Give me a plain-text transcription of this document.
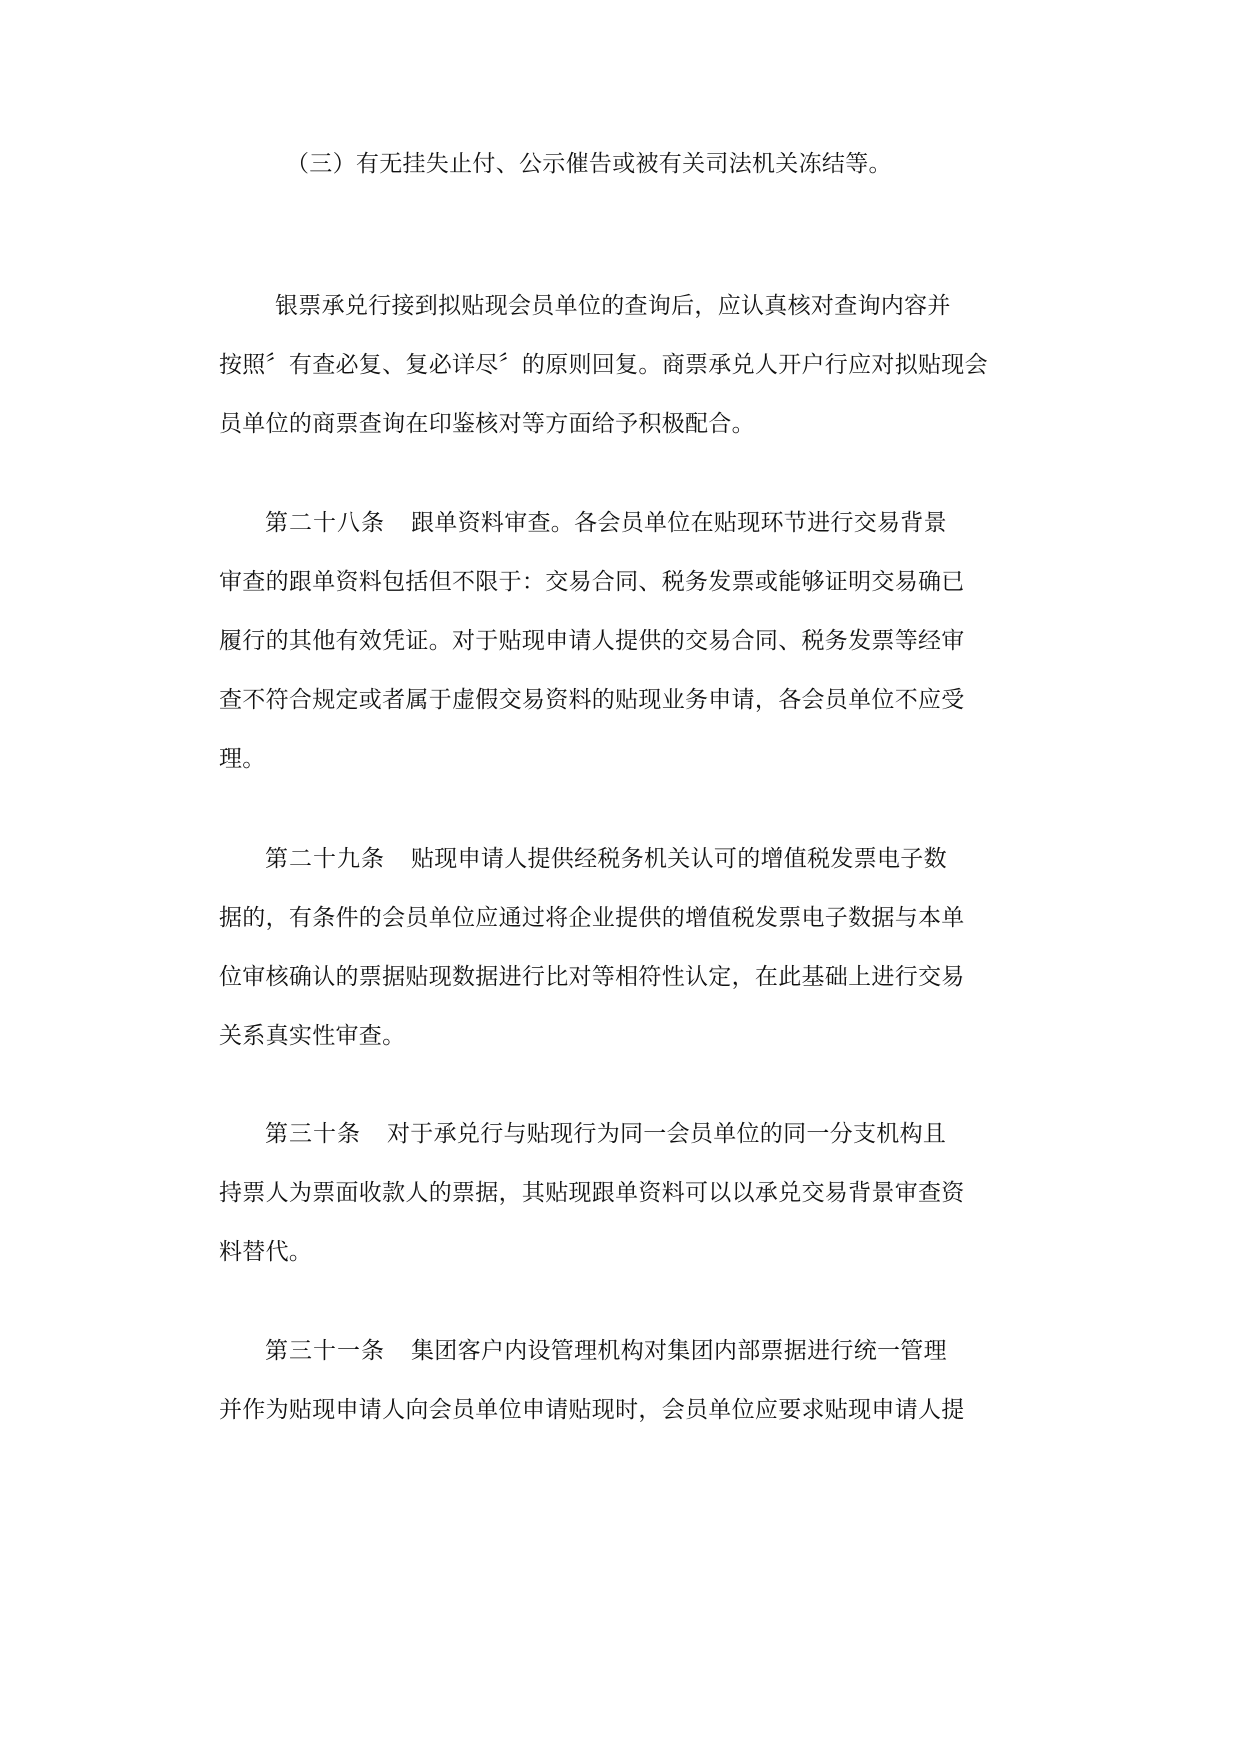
（三）有无挂失止付、公示催告或被有关司法机关冻结等。
银票承兑行接到拟贴现会员单位的查询后，应认真核对查询内容并
按照〞有查必复、复必详尽〞的原则回复。商票承兑人开户行应对拟贴现会
员单位的商票查询在印鉴核对等方面给予积极配合。
第二十八条 跟单资料审查。各会员单位在贴现环节进行交易背景
审查的跟单资料包括但不限于：交易合同、税务发票或能够证明交易确已
履行的其他有效凭证。对于贴现申请人提供的交易合同、税务发票等经审
查不符合规定或者属于虚假交易资料的贴现业务申请，各会员单位不应受
理。
第二十九条 贴现申请人提供经税务机关认可的增值税发票电子数
据的，有条件的会员单位应通过将企业提供的增值税发票电子数据与本单
位审核确认的票据贴现数据进行比对等相符性认定，在此基础上进行交易
关系真实性审查。
第三十条 对于承兑行与贴现行为同一会员单位的同一分支机构且
持票人为票面收款人的票据，其贴现跟单资料可以以承兑交易背景审查资
料替代。
第三十一条 集团客户内设管理机构对集团内部票据进行统一管理
并作为贴现申请人向会员单位申请贴现时，会员单位应要求贴现申请人提
